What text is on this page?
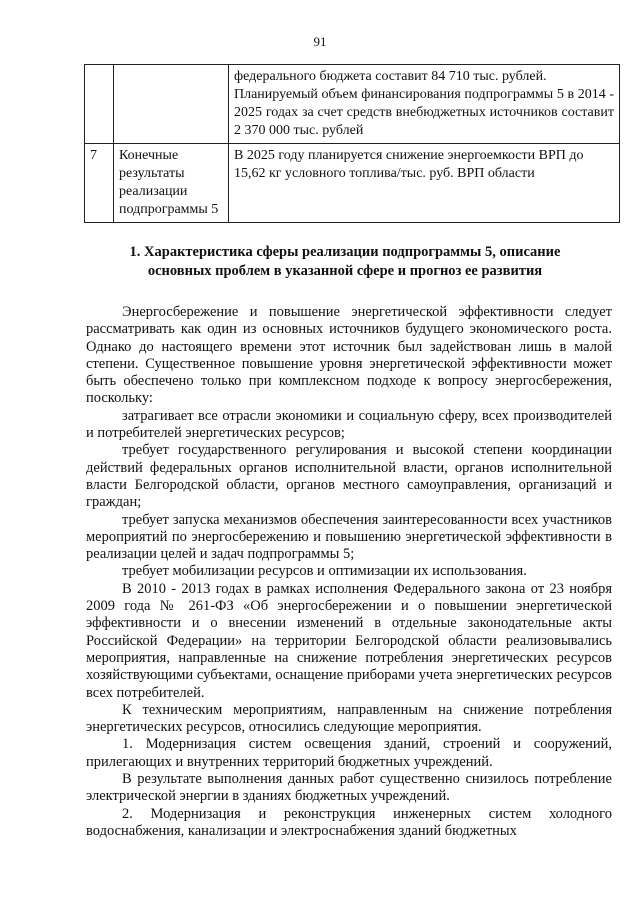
91

		федерального бюджета составит 84 710 тыс. рублей.
Планируемый объем финансирования подпрограммы 5 в 2014 - 2025 годах за счет средств внебюджетных источников составит 2 370 000 тыс. рублей

7	Конечные результаты реализации подпрограммы 5	В 2025 году планируется снижение энергоемкости ВРП до 15,62 кг условного топлива/тыс. руб. ВРП области
1. Характеристика сферы реализации подпрограммы 5, описание основных проблем в указанной сфере и прогноз ее развития

Энергосбережение и повышение энергетической эффективности следует рассматривать как один из основных источников будущего экономического роста. Однако до настоящего времени этот источник был задействован лишь в малой степени. Существенное повышение уровня энергетической эффективности может быть обеспечено только при комплексном подходе к вопросу энергосбережения, поскольку:

затрагивает все отрасли экономики и социальную сферу, всех производителей и потребителей энергетических ресурсов;

требует государственного регулирования и высокой степени координации действий федеральных органов исполнительной власти, органов исполнительной власти Белгородской области, органов местного самоуправления, организаций и граждан;

требует запуска механизмов обеспечения заинтересованности всех участников мероприятий по энергосбережению и повышению энергетической эффективности в реализации целей и задач подпрограммы 5;

требует мобилизации ресурсов и оптимизации их использования.

В 2010 - 2013 годах в рамках исполнения Федерального закона от 23 ноября 2009 года № 261-ФЗ «Об энергосбережении и о повышении энергетической эффективности и о внесении изменений в отдельные законодательные акты Российской Федерации» на территории Белгородской области реализовывались мероприятия, направленные на снижение потребления энергетических ресурсов хозяйствующими субъектами, оснащение приборами учета энергетических ресурсов всех потребителей.

К техническим мероприятиям, направленным на снижение потребления энергетических ресурсов, относились следующие мероприятия.

1. Модернизация систем освещения зданий, строений и сооружений, прилегающих и внутренних территорий бюджетных учреждений.

В результате выполнения данных работ существенно снизилось потребление электрической энергии в зданиях бюджетных учреждений.

2. Модернизация и реконструкция инженерных систем холодного водоснабжения, канализации и электроснабжения зданий бюджетных
